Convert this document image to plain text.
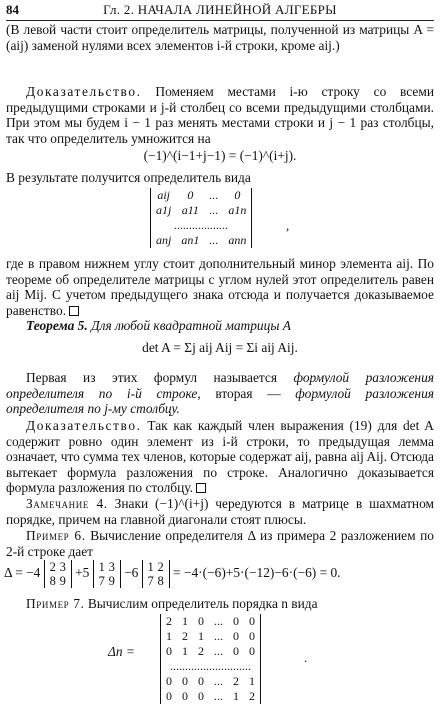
84	Гл. 2. НАЧАЛА ЛИНЕЙНОЙ АЛГЕБРЫ

(В левой части стоит определитель матрицы, полученной из матрицы A = (aij) заменой нулями всех элементов i-й строки, кроме aij.)

Доказательство. Поменяем местами i-ю строку со всеми предыдущими строками и j-й столбец со всеми предыдущими столбцами. При этом мы будем i − 1 раз менять местами строки и j − 1 раз столбцы, так что определитель умножится на

(−1)^(i−1+j−1) = (−1)^(i+j).

В результате получится определитель вида

aij	0	...	0
a1j	a11	...	a1n
..................			
anj	an1	...	ann
,

где в правом нижнем углу стоит дополнительный минор элемента aij. По теореме об определителе матрицы с углом нулей этот определитель равен aij Mij. С учетом предыдущего знака отсюда и получается доказываемое равенство.

Теорема 5. Для любой квадратной матрицы A

det A = Σj aij Aij = Σi aij Aij.

Первая из этих формул называется формулой разложения определителя по i-й строке, вторая — формулой разложения определителя по j-му столбцу.

Доказательство. Так как каждый член выражения (19) для det A содержит ровно один элемент из i-й строки, то предыдущая лемма означает, что сумма тех членов, которые содержат aij, равна aij Aij. Отсюда вытекает формула разложения по строке. Аналогично доказывается формула разложения по столбцу.

Замечание 4. Знаки (−1)^(i+j) чередуются в матрице в шахматном порядке, причем на главной диагонали стоят плюсы.

Пример 6. Вычисление определителя Δ из примера 2 разложением по 2-й строке дает

Δ = −4 2 3
8 9
+5 1 3
7 9
−6 1 2
7 8
= −4·(−6)+5·(−12)−6·(−6) = 0.

Пример 7. Вычислим определитель порядка n вида

Δn =
2	1	0	...	0	0
1	2	1	...	0	0
0	1	2	...	0	0
...........................					
0	0	0	...	2	1
0	0	0	...	1	2
.
